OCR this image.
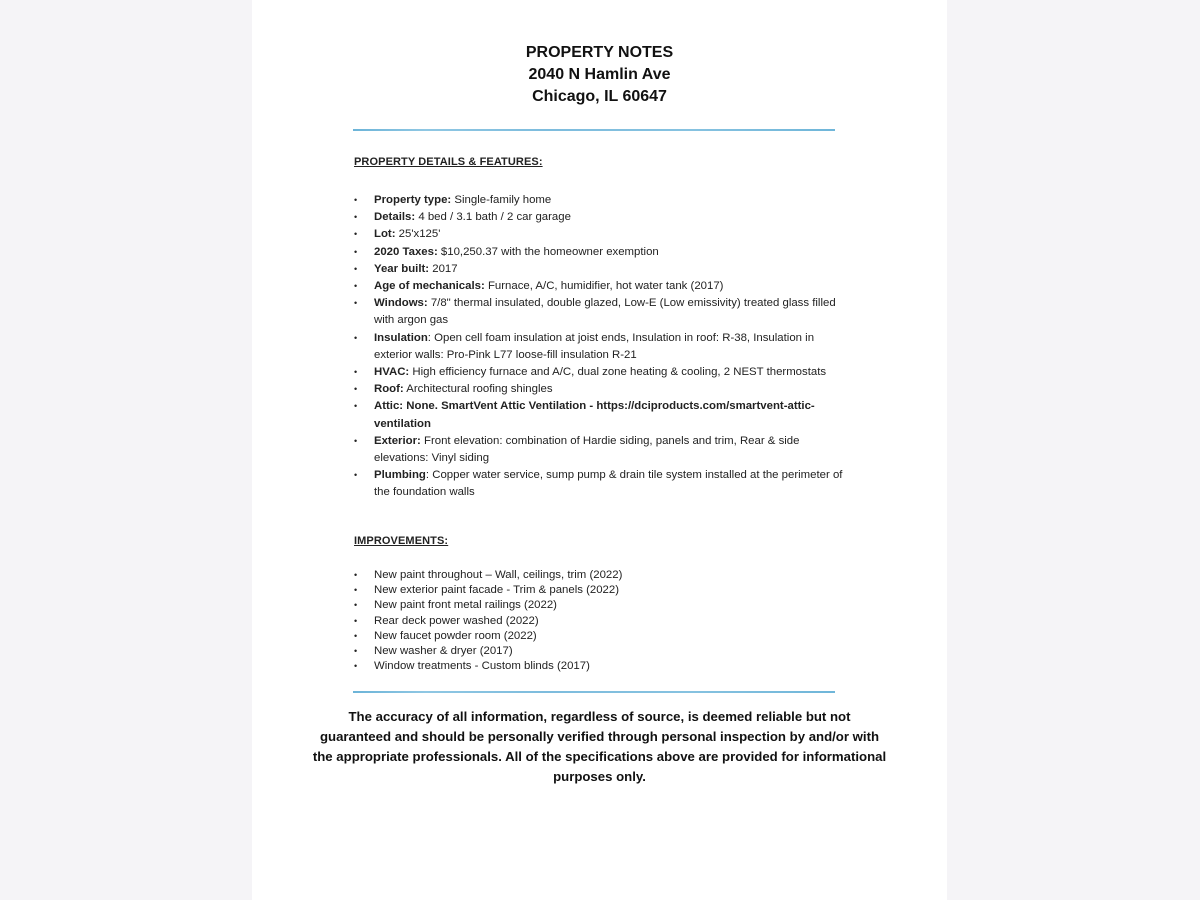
PROPERTY NOTES
2040 N Hamlin Ave
Chicago, IL 60647
PROPERTY DETAILS & FEATURES:
• Property type: Single-family home
• Details: 4 bed / 3.1 bath / 2 car garage
• Lot: 25'x125'
• 2020 Taxes: $10,250.37 with the homeowner exemption
• Year built: 2017
• Age of mechanicals: Furnace, A/C, humidifier, hot water tank (2017)
• Windows: 7/8" thermal insulated, double glazed, Low-E (Low emissivity) treated glass filled with argon gas
• Insulation: Open cell foam insulation at joist ends, Insulation in roof: R-38, Insulation in exterior walls: Pro-Pink L77 loose-fill insulation R-21
• HVAC: High efficiency furnace and A/C, dual zone heating & cooling, 2 NEST thermostats
• Roof: Architectural roofing shingles
• Attic: None. SmartVent Attic Ventilation - https://dciproducts.com/smartvent-attic-ventilation
• Exterior: Front elevation: combination of Hardie siding, panels and trim, Rear & side elevations: Vinyl siding
• Plumbing: Copper water service, sump pump & drain tile system installed at the perimeter of the foundation walls
IMPROVEMENTS:
• New paint throughout – Wall, ceilings, trim (2022)
• New exterior paint facade - Trim & panels (2022)
• New paint front metal railings (2022)
• Rear deck power washed (2022)
• New faucet powder room (2022)
• New washer & dryer (2017)
• Window treatments - Custom blinds (2017)
The accuracy of all information, regardless of source, is deemed reliable but not guaranteed and should be personally verified through personal inspection by and/or with the appropriate professionals. All of the specifications above are provided for informational purposes only.
